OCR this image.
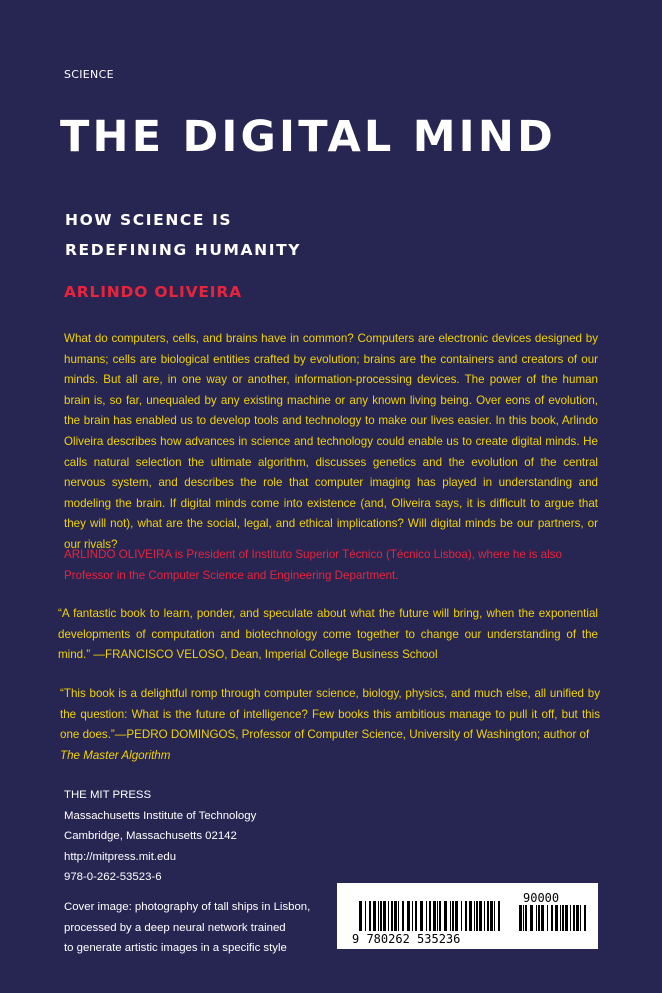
SCIENCE
THE DIGITAL MIND
HOW SCIENCE IS
REDEFINING HUMANITY
ARLINDO OLIVEIRA

What do computers, cells, and brains have in common? Computers are electronic devices designed by humans; cells are biological entities crafted by evolution; brains are the containers and creators of our minds. But all are, in one way or another, information-processing devices. The power of the human brain is, so far, unequaled by any existing machine or any known living being. Over eons of evolution, the brain has enabled us to develop tools and technology to make our lives easier. In this book, Arlindo Oliveira describes how advances in science and technology could enable us to create digital minds. He calls natural selection the ultimate algorithm, discusses genetics and the evolution of the central nervous system, and describes the role that computer imaging has played in understanding and modeling the brain. If digital minds come into existence (and, Oliveira says, it is difficult to argue that they will not), what are the social, legal, and ethical implications? Will digital minds be our partners, or our rivals?

ARLINDO OLIVEIRA is President of Instituto Superior Técnico (Técnico Lisboa), where he is also Professor in the Computer Science and Engineering Department.

“A fantastic book to learn, ponder, and speculate about what the future will bring, when the exponential developments of computation and biotechnology come together to change our understanding of the mind.” —FRANCISCO VELOSO, Dean, Imperial College Business School

“This book is a delightful romp through computer science, biology, physics, and much else, all unified by the question: What is the future of intelligence? Few books this ambitious manage to pull it off, but this one does.”—PEDRO DOMINGOS, Professor of Computer Science, University of Washington; author of
The Master Algorithm

THE MIT PRESS
Massachusetts Institute of Technology
Cambridge, Massachusetts 02142
http://mitpress.mit.edu
978-0-262-53523-6
Cover image: photography of tall ships in Lisbon,
processed by a deep neural network trained
to generate artistic images in a specific style
9 780262 535236
90000
